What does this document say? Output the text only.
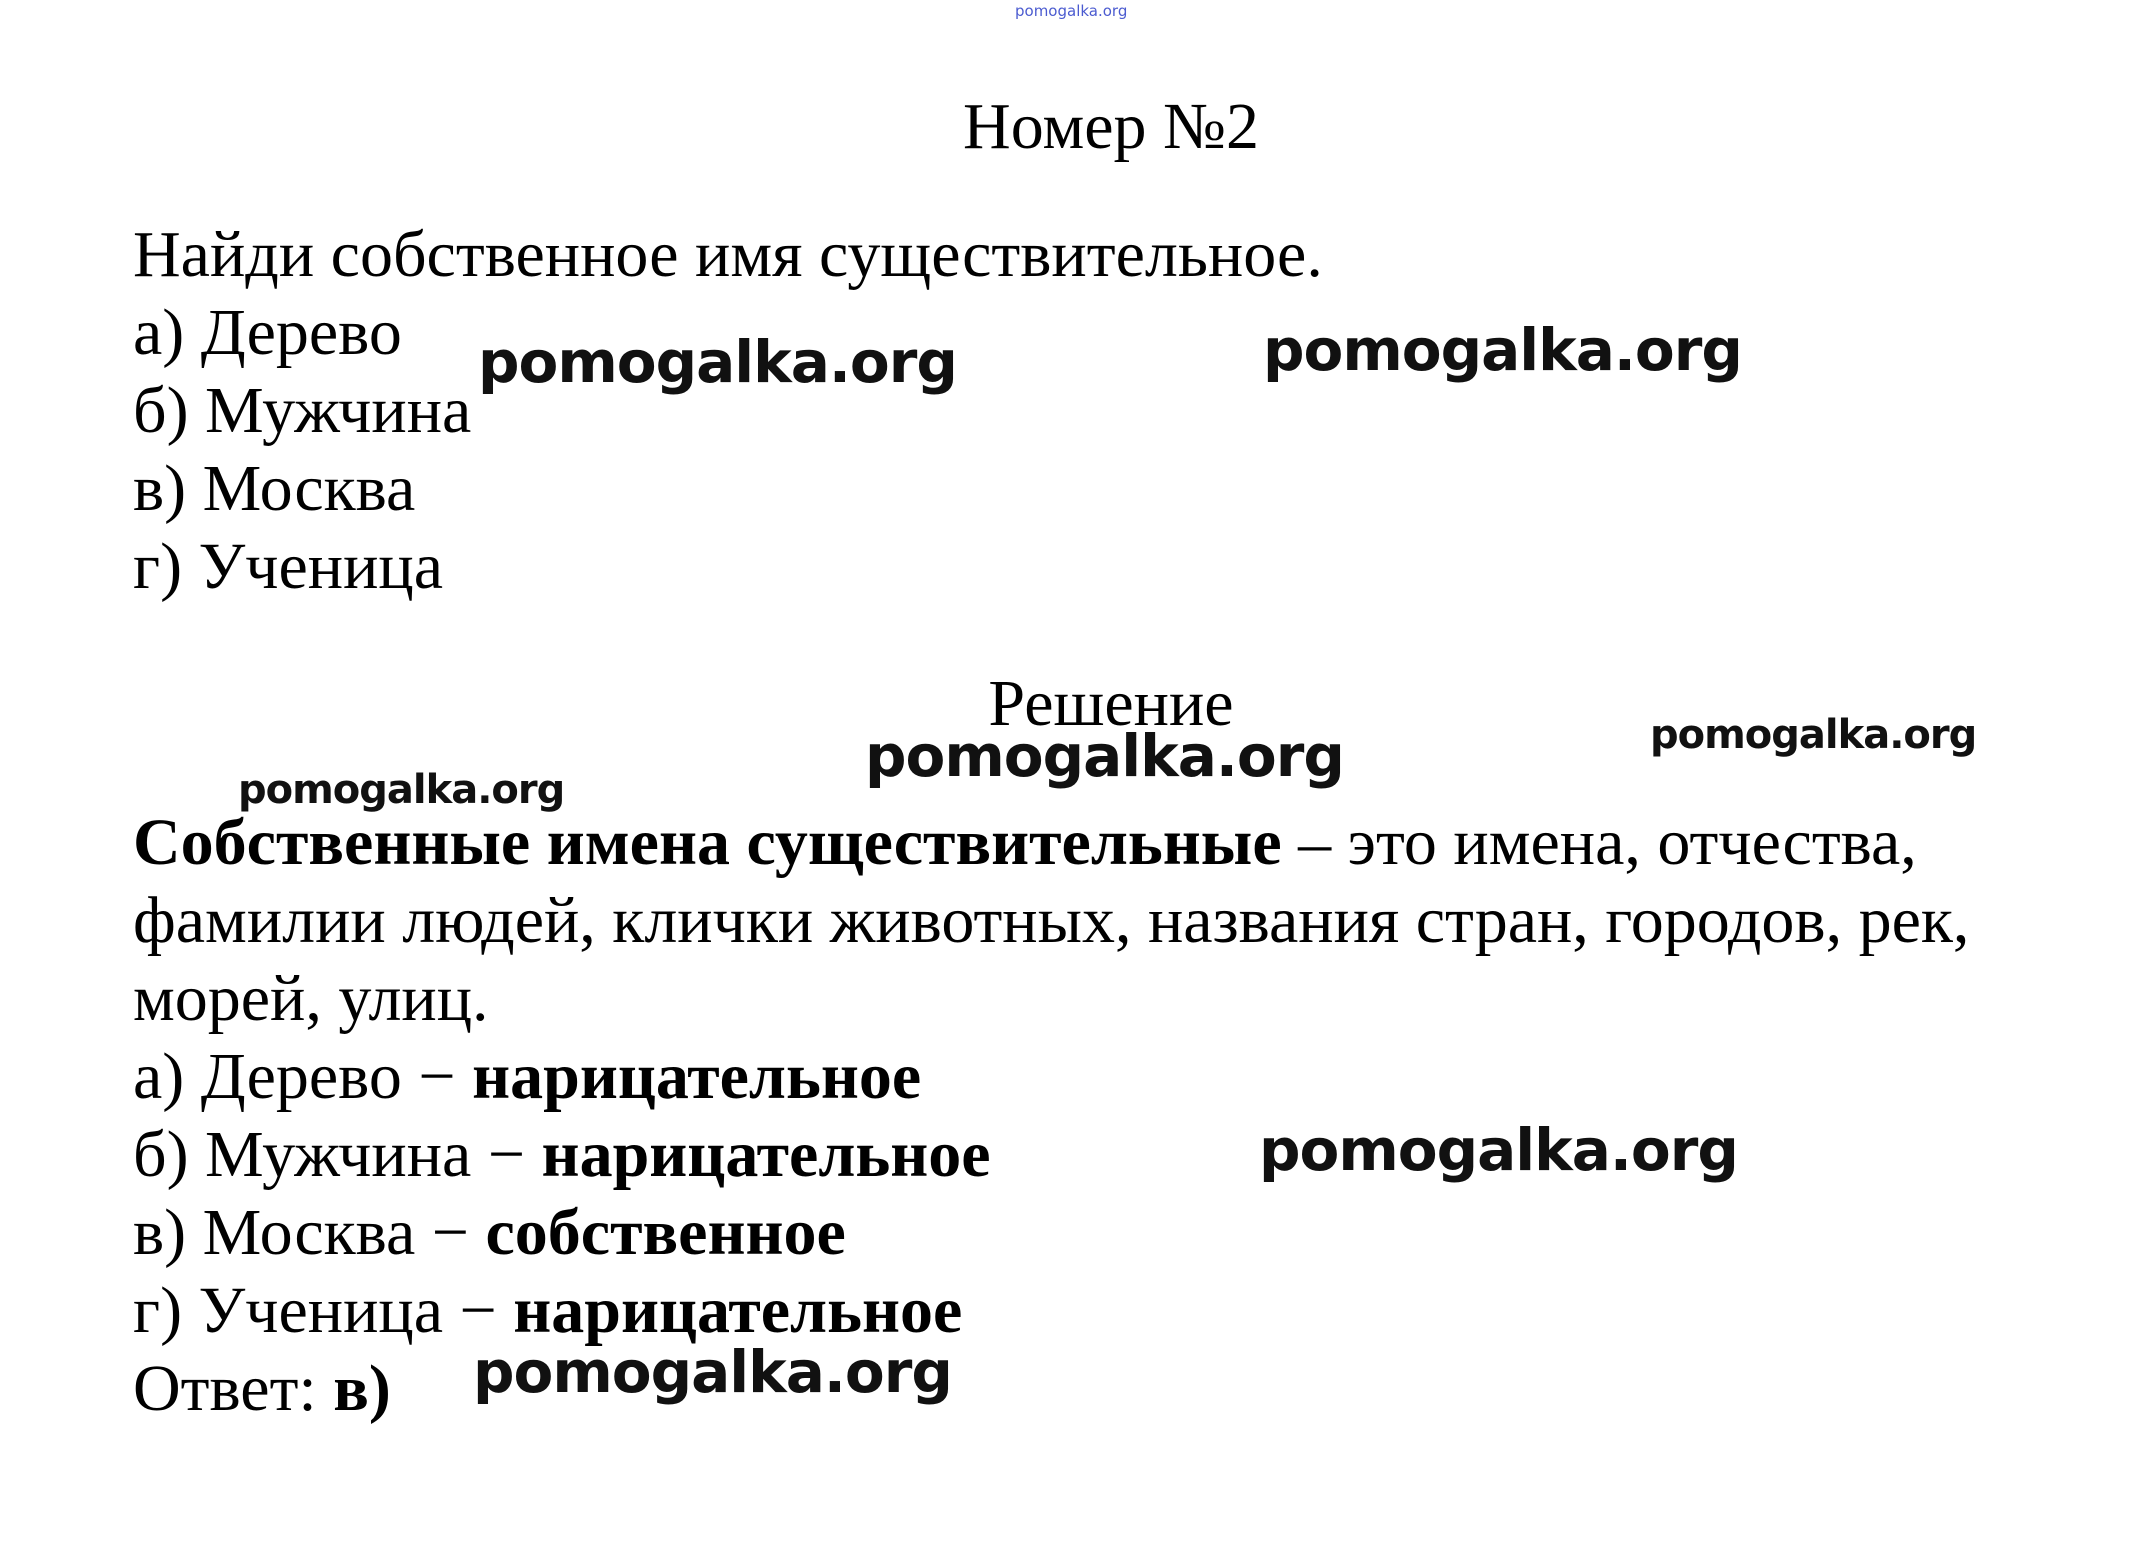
pomogalka.org
Номер №2
Найди собственное имя существительное.
а) Дерево
б) Мужчина
в) Москва
г) Ученица
Решение
Собственные имена существительные – это имена, отчества,
фамилии людей, клички животных, названия стран, городов, рек,
морей, улиц.
а) Дерево − нарицательное
б) Мужчина − нарицательное
в) Москва − собственное
г) Ученица − нарицательное
Ответ: в)
pomogalka.org	pomogalka.org
pomogalka.org	pomogalka.org
pomogalka.org
pomogalka.org
pomogalka.org
